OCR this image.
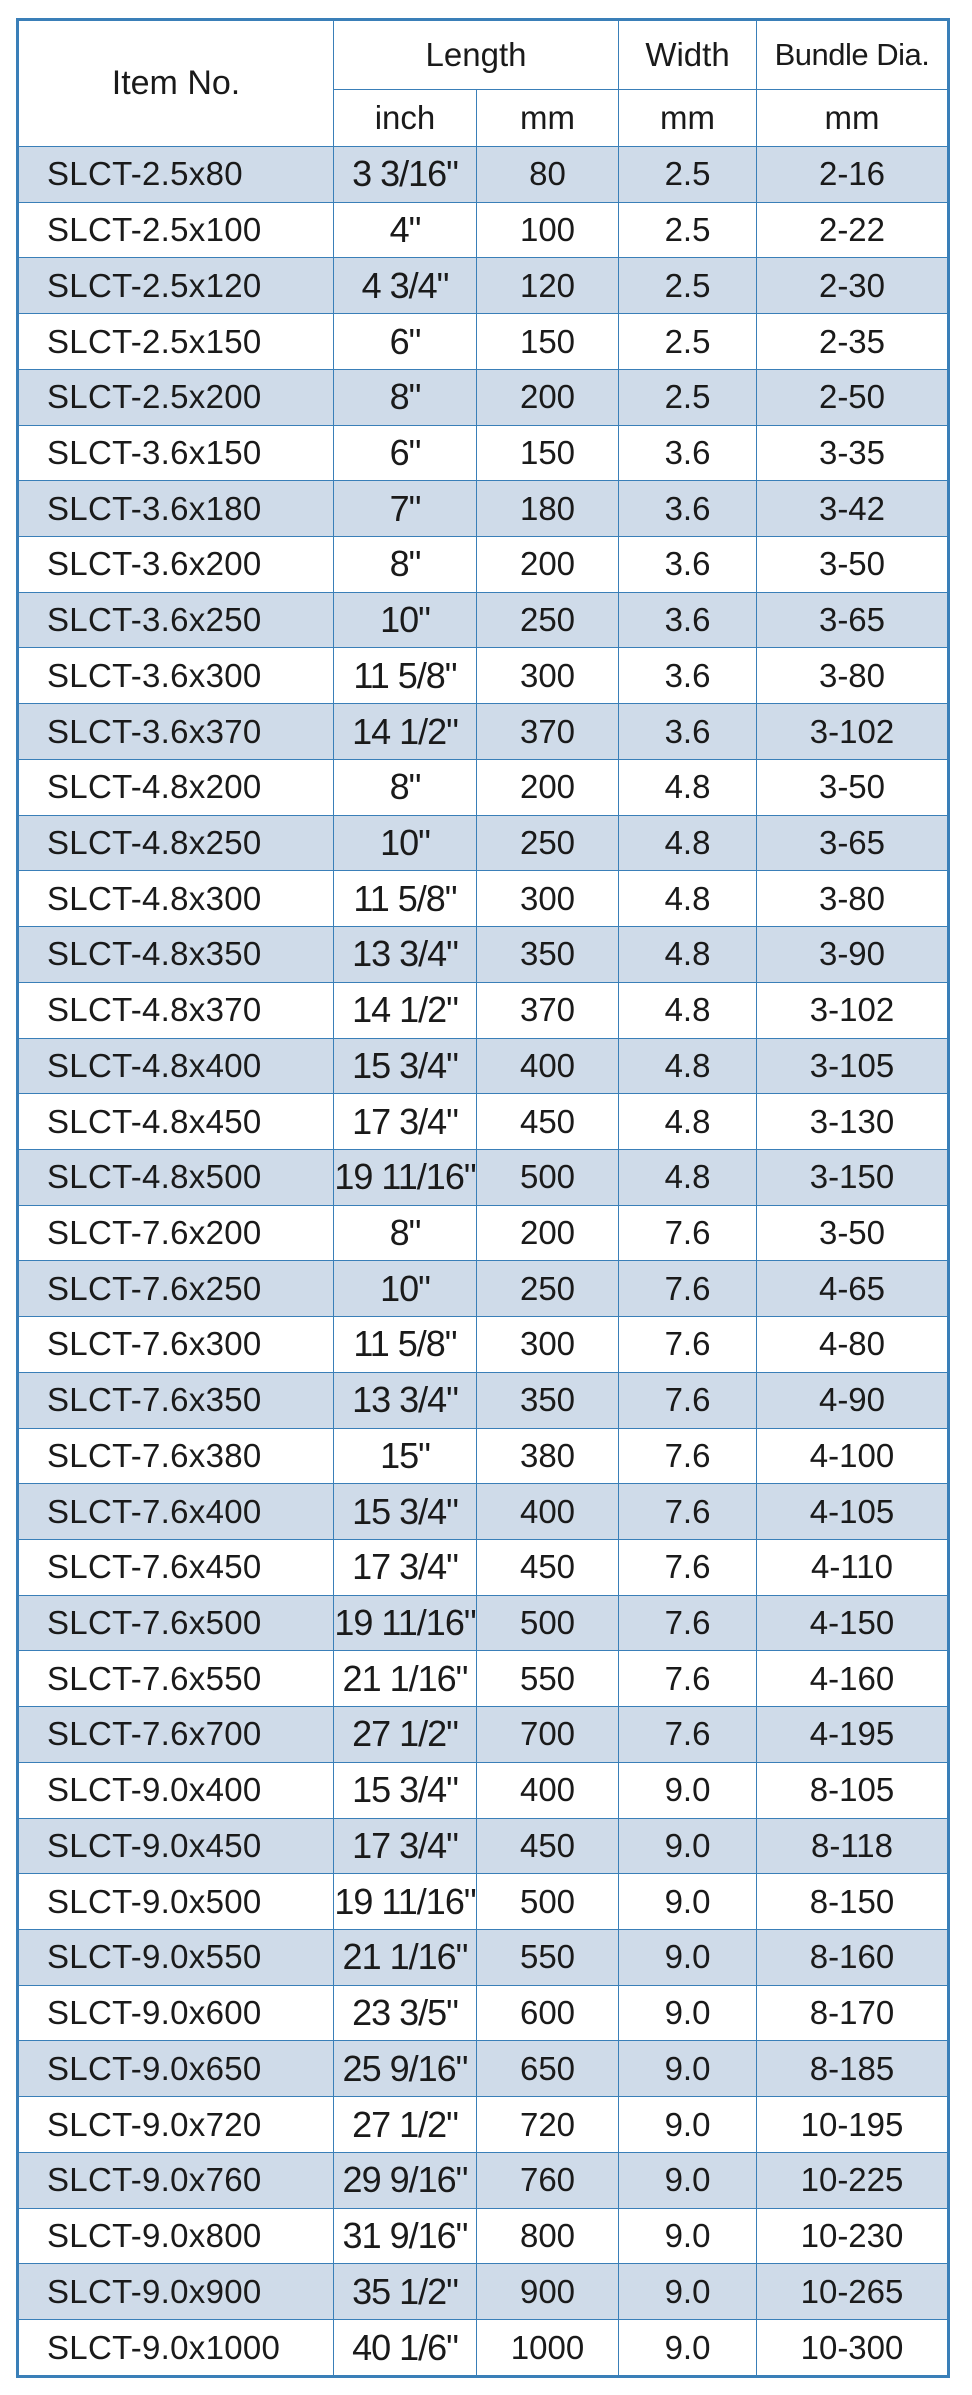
Item No.	Length		Width	Bundle Dia.
	inch	mm	mm	mm
SLCT-2.5x80	3 3/16"	80	2.5	2-16
SLCT-2.5x100	4"	100	2.5	2-22
SLCT-2.5x120	4 3/4"	120	2.5	2-30
SLCT-2.5x150	6"	150	2.5	2-35
SLCT-2.5x200	8"	200	2.5	2-50
SLCT-3.6x150	6"	150	3.6	3-35
SLCT-3.6x180	7"	180	3.6	3-42
SLCT-3.6x200	8"	200	3.6	3-50
SLCT-3.6x250	10"	250	3.6	3-65
SLCT-3.6x300	11 5/8"	300	3.6	3-80
SLCT-3.6x370	14 1/2"	370	3.6	3-102
SLCT-4.8x200	8"	200	4.8	3-50
SLCT-4.8x250	10"	250	4.8	3-65
SLCT-4.8x300	11 5/8"	300	4.8	3-80
SLCT-4.8x350	13 3/4"	350	4.8	3-90
SLCT-4.8x370	14 1/2"	370	4.8	3-102
SLCT-4.8x400	15 3/4"	400	4.8	3-105
SLCT-4.8x450	17 3/4"	450	4.8	3-130
SLCT-4.8x500	19 11/16"	500	4.8	3-150
SLCT-7.6x200	8"	200	7.6	3-50
SLCT-7.6x250	10"	250	7.6	4-65
SLCT-7.6x300	11 5/8"	300	7.6	4-80
SLCT-7.6x350	13 3/4"	350	7.6	4-90
SLCT-7.6x380	15"	380	7.6	4-100
SLCT-7.6x400	15 3/4"	400	7.6	4-105
SLCT-7.6x450	17 3/4"	450	7.6	4-110
SLCT-7.6x500	19 11/16"	500	7.6	4-150
SLCT-7.6x550	21 1/16"	550	7.6	4-160
SLCT-7.6x700	27 1/2"	700	7.6	4-195
SLCT-9.0x400	15 3/4"	400	9.0	8-105
SLCT-9.0x450	17 3/4"	450	9.0	8-118
SLCT-9.0x500	19 11/16"	500	9.0	8-150
SLCT-9.0x550	21 1/16"	550	9.0	8-160
SLCT-9.0x600	23 3/5"	600	9.0	8-170
SLCT-9.0x650	25 9/16"	650	9.0	8-185
SLCT-9.0x720	27 1/2"	720	9.0	10-195
SLCT-9.0x760	29 9/16"	760	9.0	10-225
SLCT-9.0x800	31 9/16"	800	9.0	10-230
SLCT-9.0x900	35 1/2"	900	9.0	10-265
SLCT-9.0x1000	40 1/6"	1000	9.0	10-300
